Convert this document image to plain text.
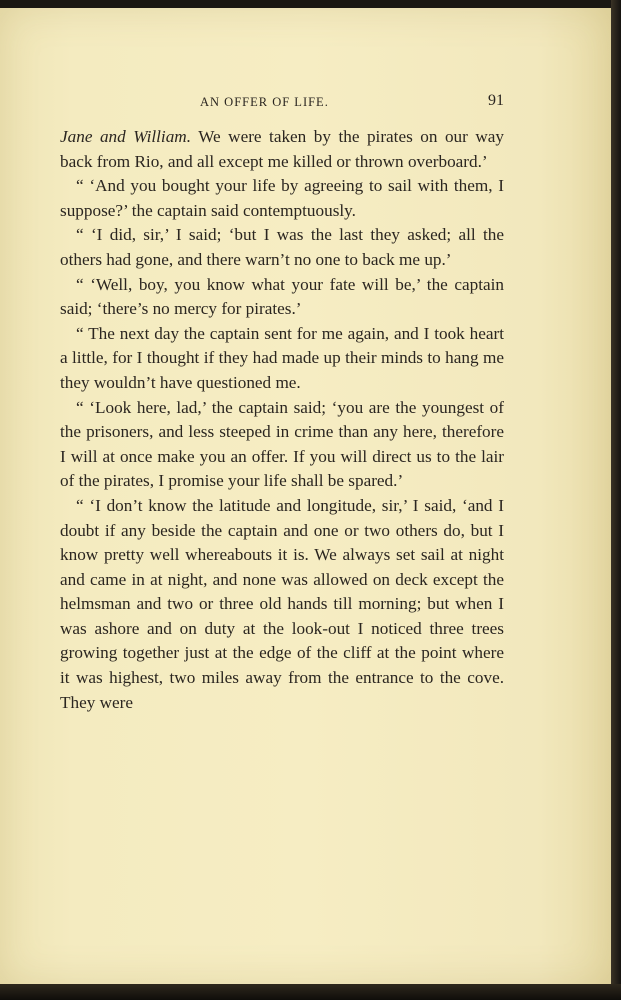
AN OFFER OF LIFE.	91

Jane and William. We were taken by the pirates on our way back from Rio, and all except me killed or thrown overboard.’

“ ‘And you bought your life by agreeing to sail with them, I suppose?’ the captain said contemptuously.

“ ‘I did, sir,’ I said; ‘but I was the last they asked; all the others had gone, and there warn’t no one to back me up.’

“ ‘Well, boy, you know what your fate will be,’ the captain said; ‘there’s no mercy for pirates.’

“ The next day the captain sent for me again, and I took heart a little, for I thought if they had made up their minds to hang me they wouldn’t have questioned me.

“ ‘Look here, lad,’ the captain said; ‘you are the youngest of the prisoners, and less steeped in crime than any here, therefore I will at once make you an offer. If you will direct us to the lair of the pirates, I promise your life shall be spared.’

“ ‘I don’t know the latitude and longitude, sir,’ I said, ‘and I doubt if any beside the captain and one or two others do, but I know pretty well whereabouts it is. We always set sail at night and came in at night, and none was allowed on deck except the helmsman and two or three old hands till morning; but when I was ashore and on duty at the look-out I noticed three trees growing together just at the edge of the cliff at the point where it was highest, two miles away from the entrance to the cove. They were
